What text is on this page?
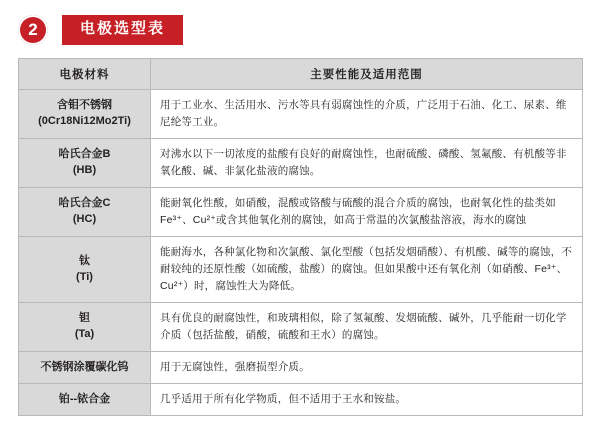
2	电极选型表
电极材料	主要性能及适用范围

含钼不锈钢
(0Cr18Ni12Mo2Ti)	用于工业水、生活用水、污水等具有弱腐蚀性的介质，广泛用于石油、化工、尿素、维尼纶等工业。

哈氏合金B
(HB)	对沸水以下一切浓度的盐酸有良好的耐腐蚀性，也耐硫酸、磷酸、氢氟酸、有机酸等非氧化酸、碱、非氯化盐液的腐蚀。

哈氏合金C
(HC)	能耐氧化性酸，如硝酸，混酸或铬酸与硫酸的混合介质的腐蚀，也耐氧化性的盐类如Fe³⁺、Cu²⁺或含其他氧化剂的腐蚀，如高于常温的次氯酸盐溶液，海水的腐蚀

钛
(Ti)	能耐海水，各种氯化物和次氯酸、氯化型酸（包括发烟硝酸）、有机酸、碱等的腐蚀，不耐较纯的还原性酸（如硫酸，盐酸）的腐蚀。但如果酸中还有氧化剂（如硝酸、Fe³⁺、Cu²⁺）时，腐蚀性大为降低。

钽
(Ta)	具有优良的耐腐蚀性，和玻璃相似，除了氢氟酸、发烟硫酸、碱外，几乎能耐一切化学介质（包括盐酸，硝酸，硫酸和王水）的腐蚀。

不锈钢涂覆碳化钨	用于无腐蚀性，强磨损型介质。

铂--铱合金	几乎适用于所有化学物质，但不适用于王水和铵盐。
